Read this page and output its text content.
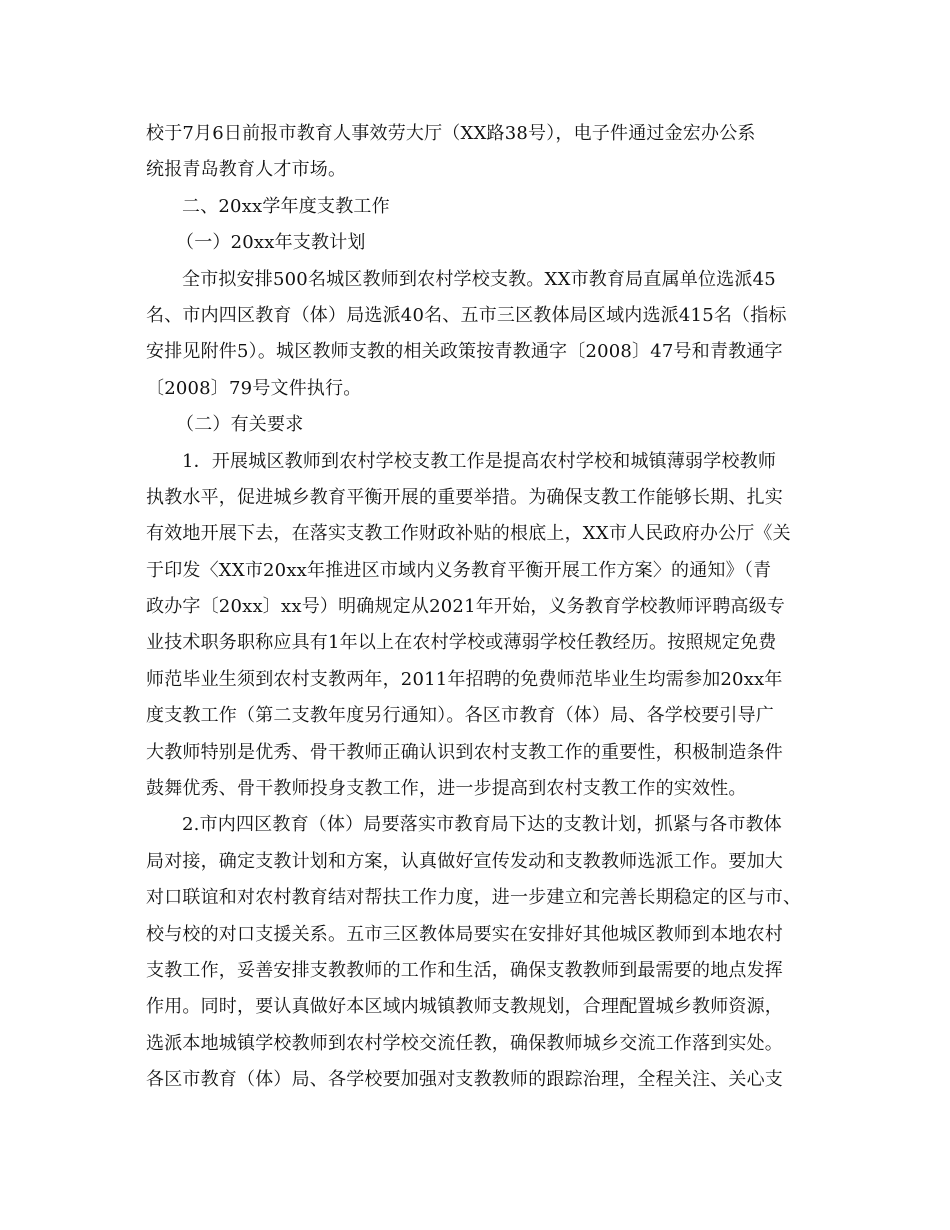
校于7月6日前报市教育人事效劳大厅（XX路38号），电子件通过金宏办公系
统报青岛教育人才市场。
二、20xx学年度支教工作
（一）20xx年支教计划
全市拟安排500名城区教师到农村学校支教。XX市教育局直属单位选派45
名、市内四区教育（体）局选派40名、五市三区教体局区域内选派415名（指标
安排见附件5）。城区教师支教的相关政策按青教通字〔2008〕47号和青教通字
〔2008〕79号文件执行。
（二）有关要求
1．开展城区教师到农村学校支教工作是提高农村学校和城镇薄弱学校教师
执教水平，促进城乡教育平衡开展的重要举措。为确保支教工作能够长期、扎实
有效地开展下去，在落实支教工作财政补贴的根底上，XX市人民政府办公厅《关
于印发〈XX市20xx年推进区市域内义务教育平衡开展工作方案〉的通知》（青
政办字〔20xx〕xx号）明确规定从2021年开始，义务教育学校教师评聘高级专
业技术职务职称应具有1年以上在农村学校或薄弱学校任教经历。按照规定免费
师范毕业生须到农村支教两年，2011年招聘的免费师范毕业生均需参加20xx年
度支教工作（第二支教年度另行通知）。各区市教育（体）局、各学校要引导广
大教师特别是优秀、骨干教师正确认识到农村支教工作的重要性，积极制造条件
鼓舞优秀、骨干教师投身支教工作，进一步提高到农村支教工作的实效性。
2.市内四区教育（体）局要落实市教育局下达的支教计划，抓紧与各市教体
局对接，确定支教计划和方案，认真做好宣传发动和支教教师选派工作。要加大
对口联谊和对农村教育结对帮扶工作力度，进一步建立和完善长期稳定的区与市、
校与校的对口支援关系。五市三区教体局要实在安排好其他城区教师到本地农村
支教工作，妥善安排支教教师的工作和生活，确保支教教师到最需要的地点发挥
作用。同时，要认真做好本区域内城镇教师支教规划，合理配置城乡教师资源，
选派本地城镇学校教师到农村学校交流任教，确保教师城乡交流工作落到实处。
各区市教育（体）局、各学校要加强对支教教师的跟踪治理，全程关注、关心支
